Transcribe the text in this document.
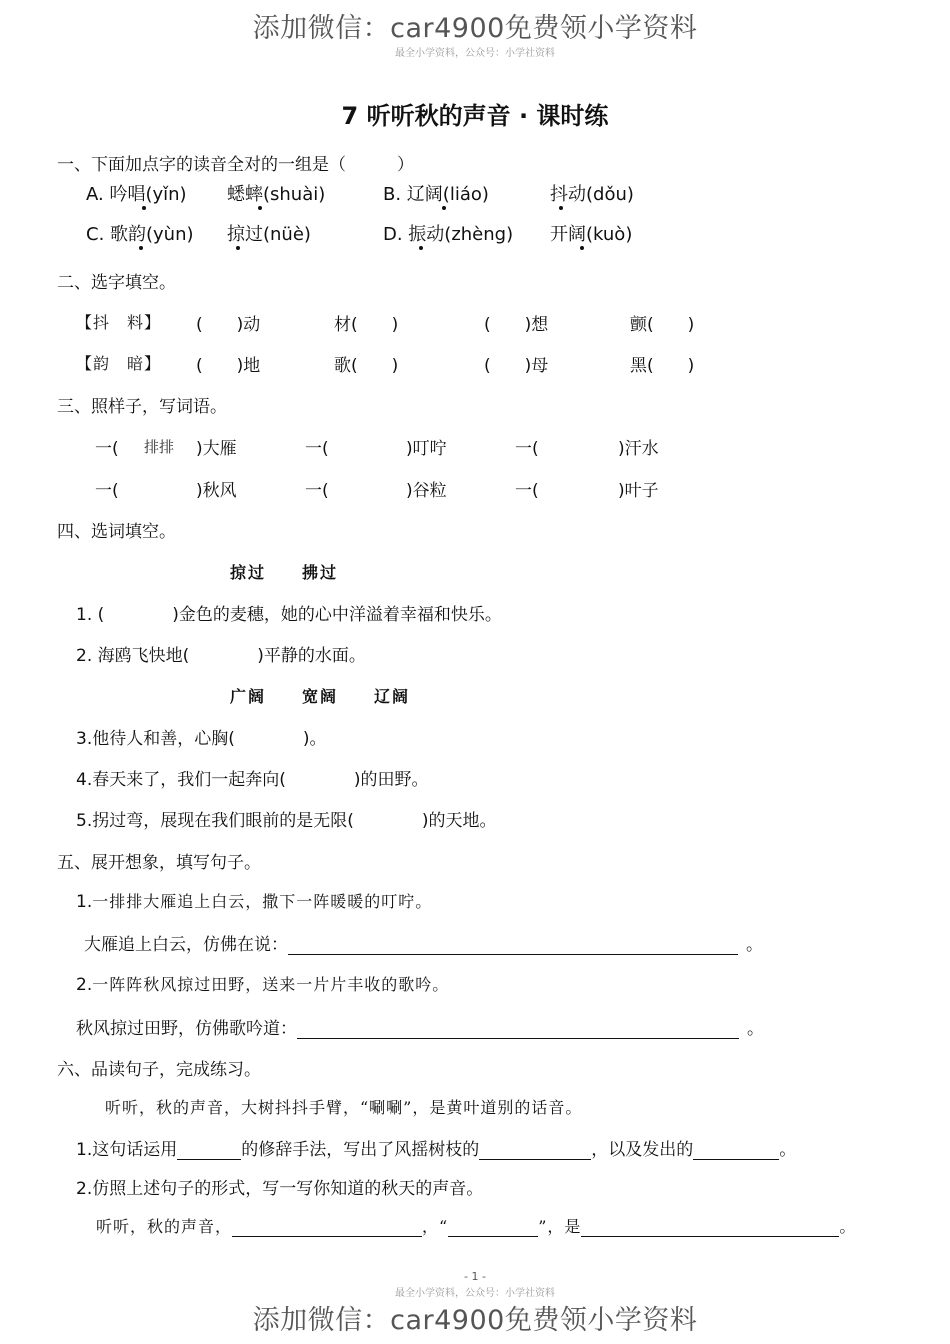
添加微信：car4900免费领小学资料
最全小学资料，公众号：小学社资料
7 听听秋的声音 · 课时练
一、下面加点字的读音全对的一组是（　　　）
A. 吟唱(yǐn) 蟋蟀(shuài)	B. 辽阔(liáo)	抖动(dǒu)
C. 歌韵(yùn) 掠过(nüè)	D. 振动(zhèng) 开阔(kuò)
二、选字填空。
【抖　料】 (　　)动	材(　　)	(　　)想	颤(　　)
【韵　暗】 (　　)地	歌(　　)	(　　)母	黑(　　)
三、照样子，写词语。
一( 排排 )大雁	一(	)叮咛	一(	)汗水
一(	)秋风	一(	)谷粒	一(	)叶子
四、选词填空。
掠过　　拂过
1. (　　　　)金色的麦穗，她的心中洋溢着幸福和快乐。
2. 海鸥飞快地(　　　　)平静的水面。
广阔　　宽阔　　辽阔
3.他待人和善，心胸(　　　　)。
4.春天来了，我们一起奔向(　　　　)的田野。
5.拐过弯，展现在我们眼前的是无限(　　　　)的天地。
五、展开想象，填写句子。
1.一排排大雁追上白云，撒下一阵暖暖的叮咛。
大雁追上白云，仿佛在说：	。
2.一阵阵秋风掠过田野，送来一片片丰收的歌吟。
秋风掠过田野，仿佛歌吟道：	。
六、品读句子，完成练习。
听听，秋的声音，大树抖抖手臂，“唰唰”，是黄叶道别的话音。
1.这句话运用	的修辞手法，写出了风摇树枝的	，以及发出的	。
2.仿照上述句子的形式，写一写你知道的秋天的声音。
听听，秋的声音，	，“	”，是	。
- 1 -
最全小学资料，公众号：小学社资料
添加微信：car4900免费领小学资料
